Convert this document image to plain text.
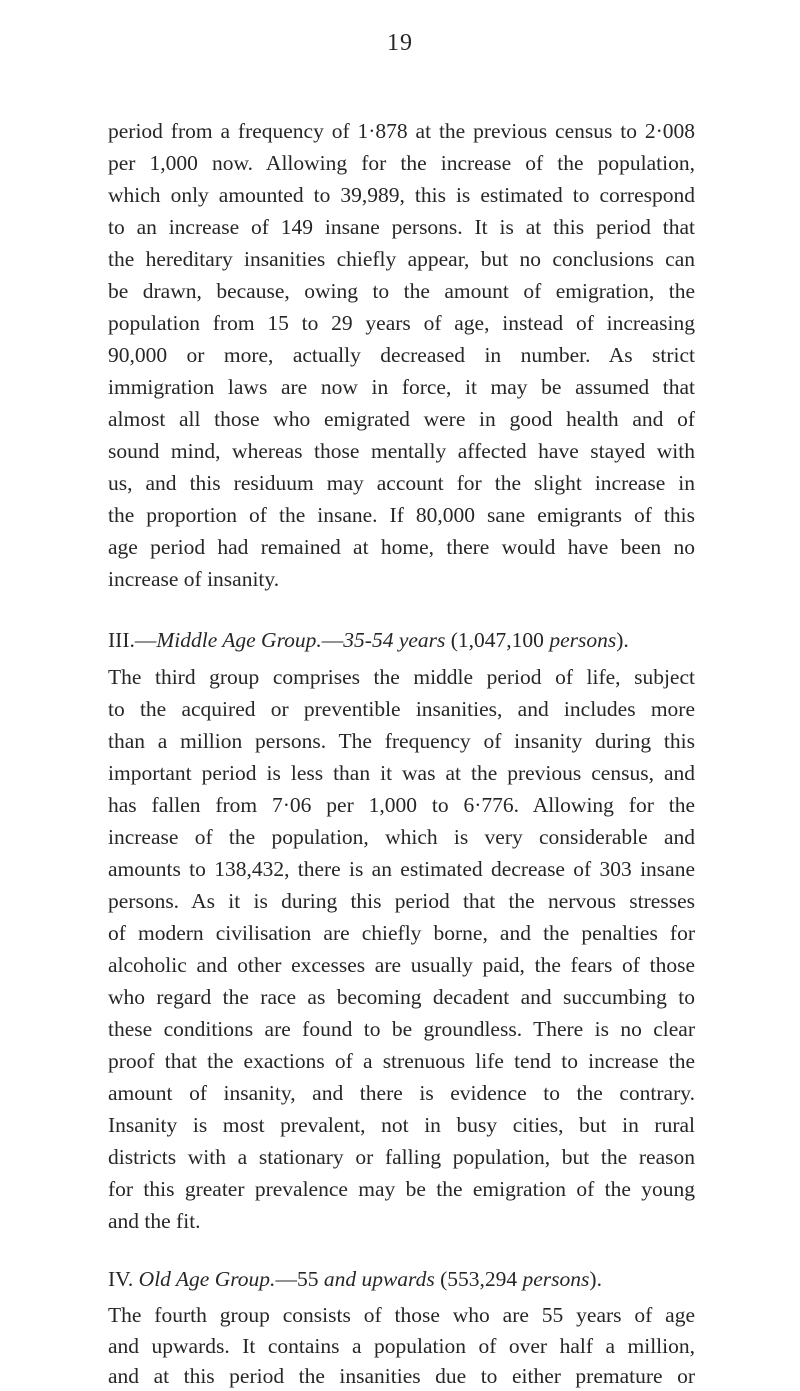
19
period from a frequency of 1·878 at the previous census to 2·008
per 1,000 now. Allowing for the increase of the population,
which only amounted to 39,989, this is estimated to correspond
to an increase of 149 insane persons. It is at this period that
the hereditary insanities chiefly appear, but no conclusions can
be drawn, because, owing to the amount of emigration, the
population from 15 to 29 years of age, instead of increasing
90,000 or more, actually decreased in number. As strict
immigration laws are now in force, it may be assumed that
almost all those who emigrated were in good health and of
sound mind, whereas those mentally affected have stayed with
us, and this residuum may account for the slight increase in
the proportion of the insane. If 80,000 sane emigrants of this
age period had remained at home, there would have been no
increase of insanity.
III.—Middle Age Group.—35-54 years (1,047,100 persons).
The third group comprises the middle period of life, subject
to the acquired or preventible insanities, and includes more
than a million persons. The frequency of insanity during this
important period is less than it was at the previous census, and
has fallen from 7·06 per 1,000 to 6·776. Allowing for the
increase of the population, which is very considerable and
amounts to 138,432, there is an estimated decrease of 303 insane
persons. As it is during this period that the nervous stresses
of modern civilisation are chiefly borne, and the penalties for
alcoholic and other excesses are usually paid, the fears of those
who regard the race as becoming decadent and succumbing to
these conditions are found to be groundless. There is no clear
proof that the exactions of a strenuous life tend to increase the
amount of insanity, and there is evidence to the contrary.
Insanity is most prevalent, not in busy cities, but in rural
districts with a stationary or falling population, but the reason
for this greater prevalence may be the emigration of the young
and the fit.
IV. Old Age Group.—55 and upwards (553,294 persons).
The fourth group consists of those who are 55 years of age
and upwards. It contains a population of over half a million,
and at this period the insanities due to either premature or
